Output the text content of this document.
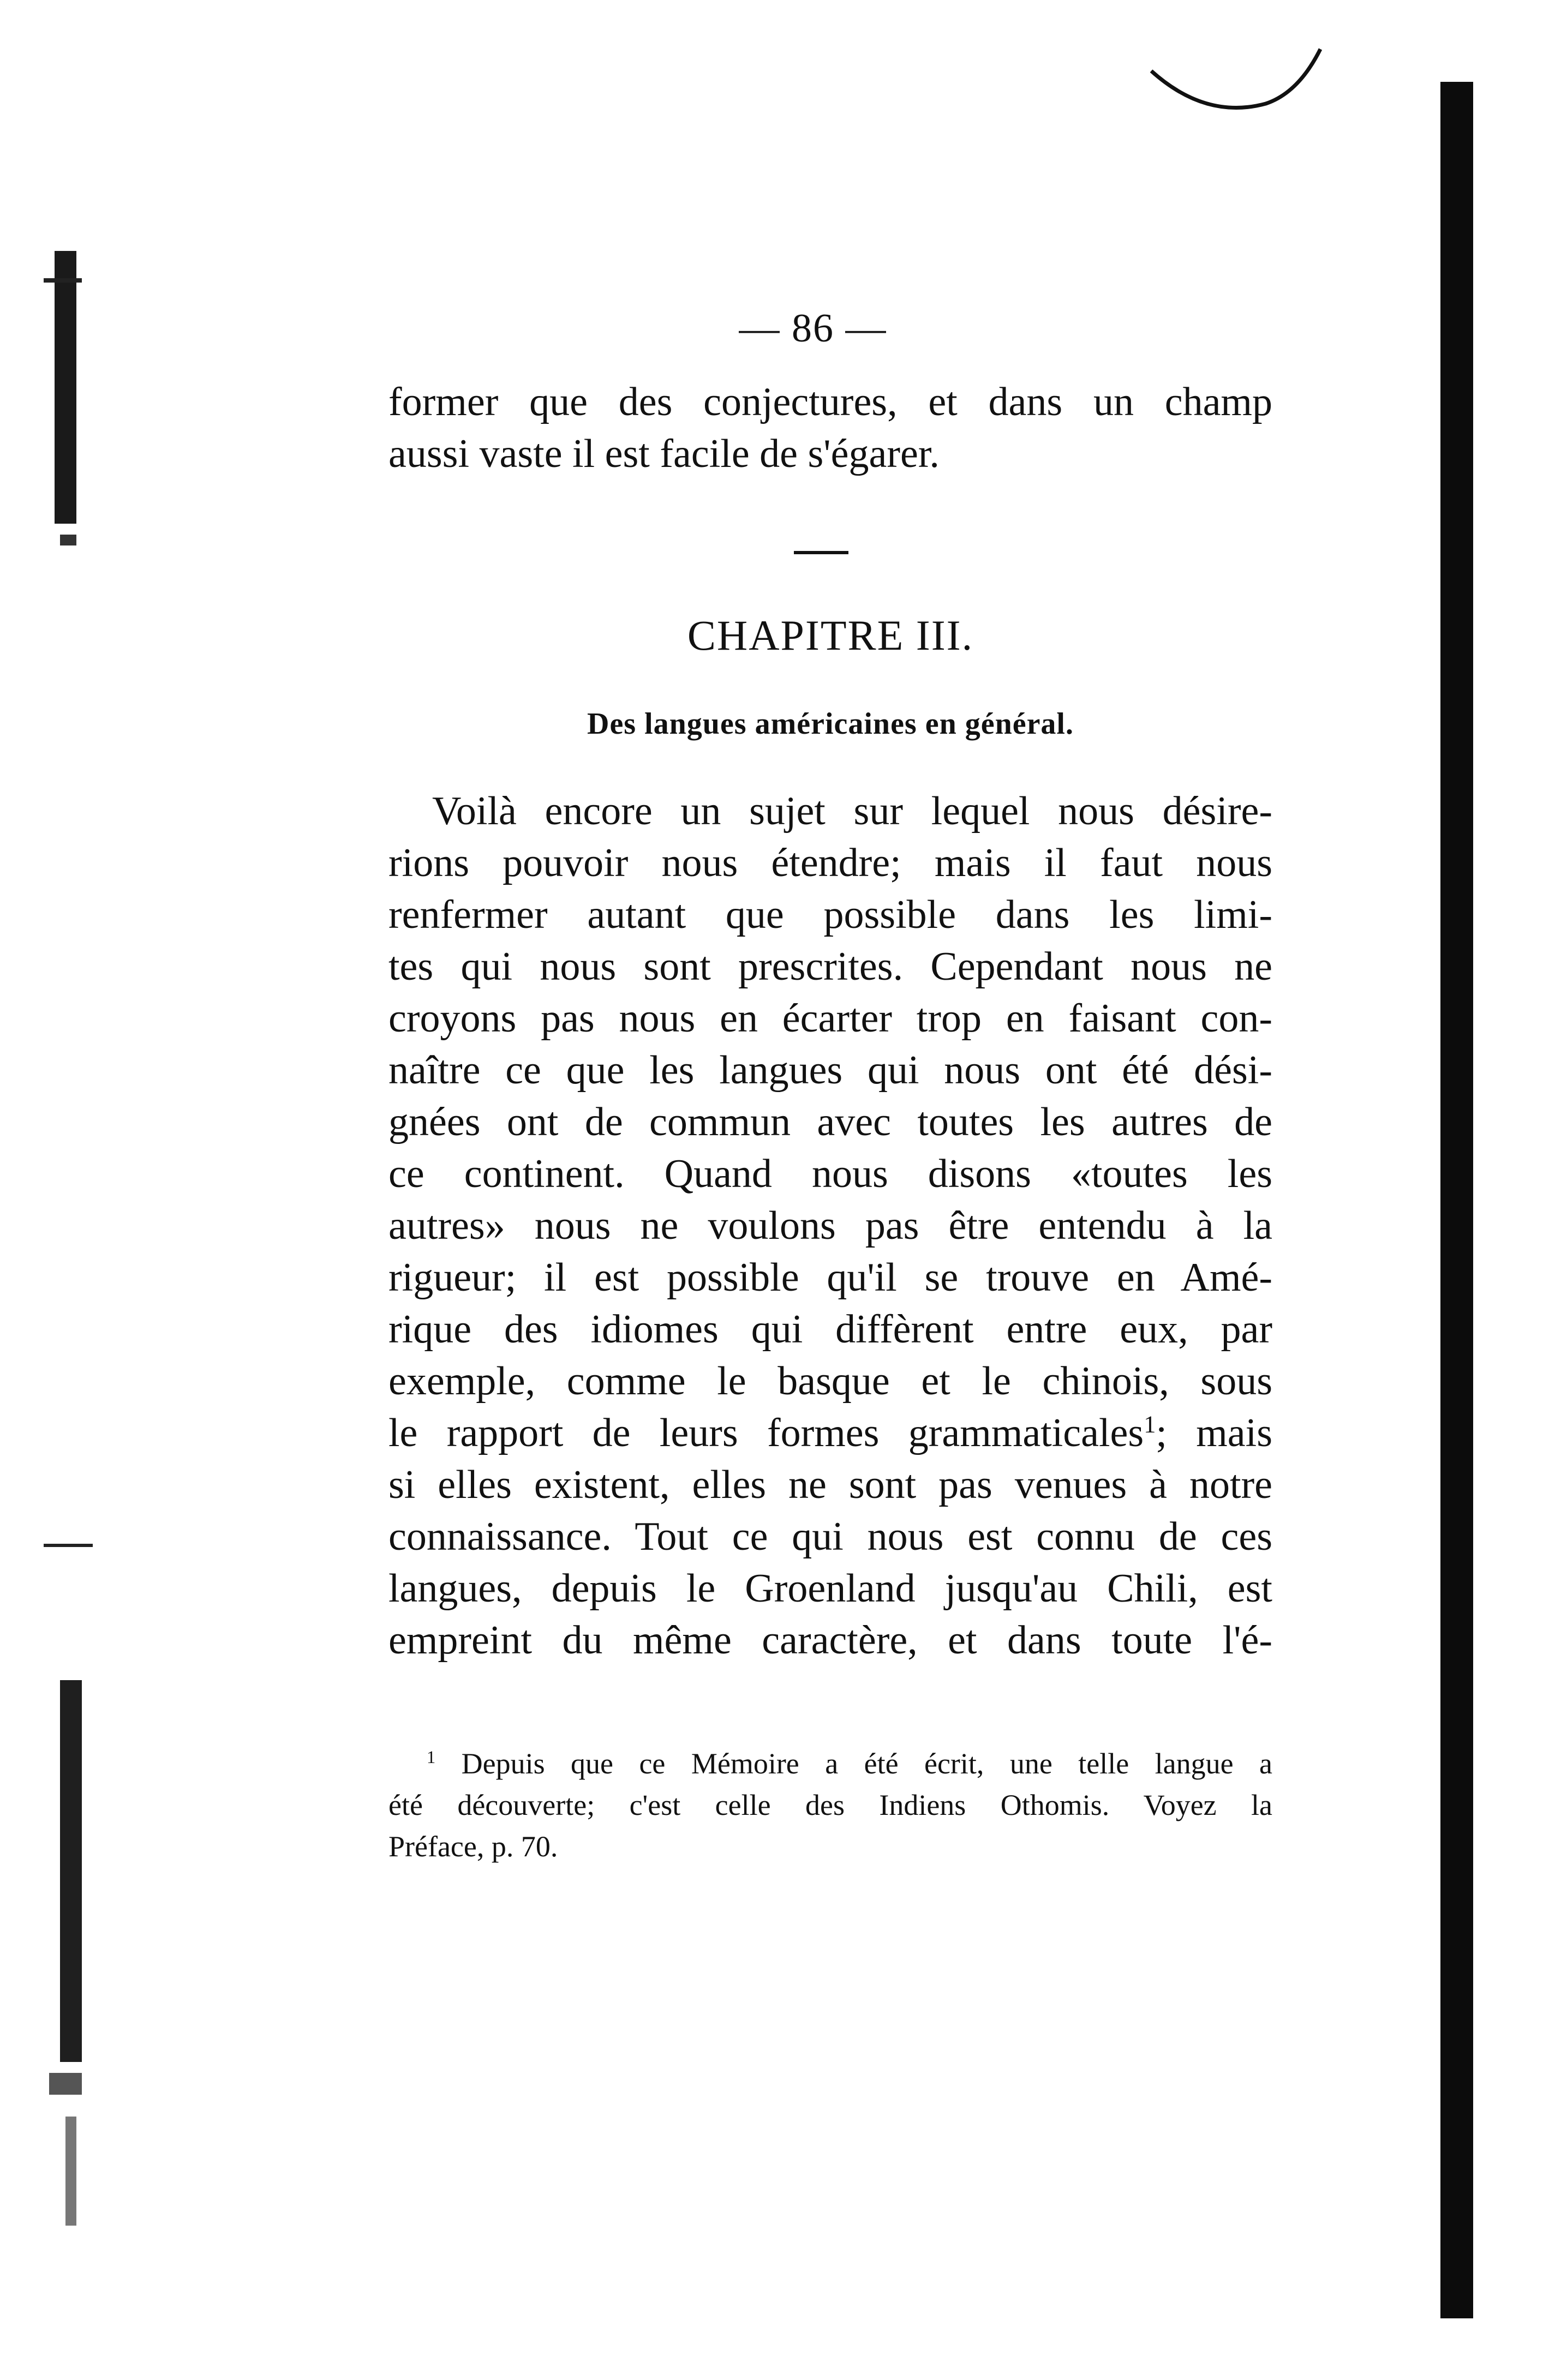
— 86 —
former que des conjectures, et dans un champ
aussi vaste il est facile de s'égarer.
CHAPITRE III.
Des langues américaines en général.
Voilà encore un sujet sur lequel nous désire-
rions pouvoir nous étendre; mais il faut nous
renfermer autant que possible dans les limi-
tes qui nous sont prescrites. Cependant nous ne
croyons pas nous en écarter trop en faisant con-
naître ce que les langues qui nous ont été dési-
gnées ont de commun avec toutes les autres de
ce continent. Quand nous disons «toutes les
autres» nous ne voulons pas être entendu à la
rigueur; il est possible qu'il se trouve en Amé-
rique des idiomes qui diffèrent entre eux, par
exemple, comme le basque et le chinois, sous
le rapport de leurs formes grammaticales$^1$; mais
si elles existent, elles ne sont pas venues à notre
connaissance. Tout ce qui nous est connu de ces
langues, depuis le Groenland jusqu'au Chili, est
empreint du même caractère, et dans toute l'é-
$^1$ Depuis que ce Mémoire a été écrit, une telle langue a
été découverte; c'est celle des Indiens Othomis. Voyez la
Préface, p. 70.
